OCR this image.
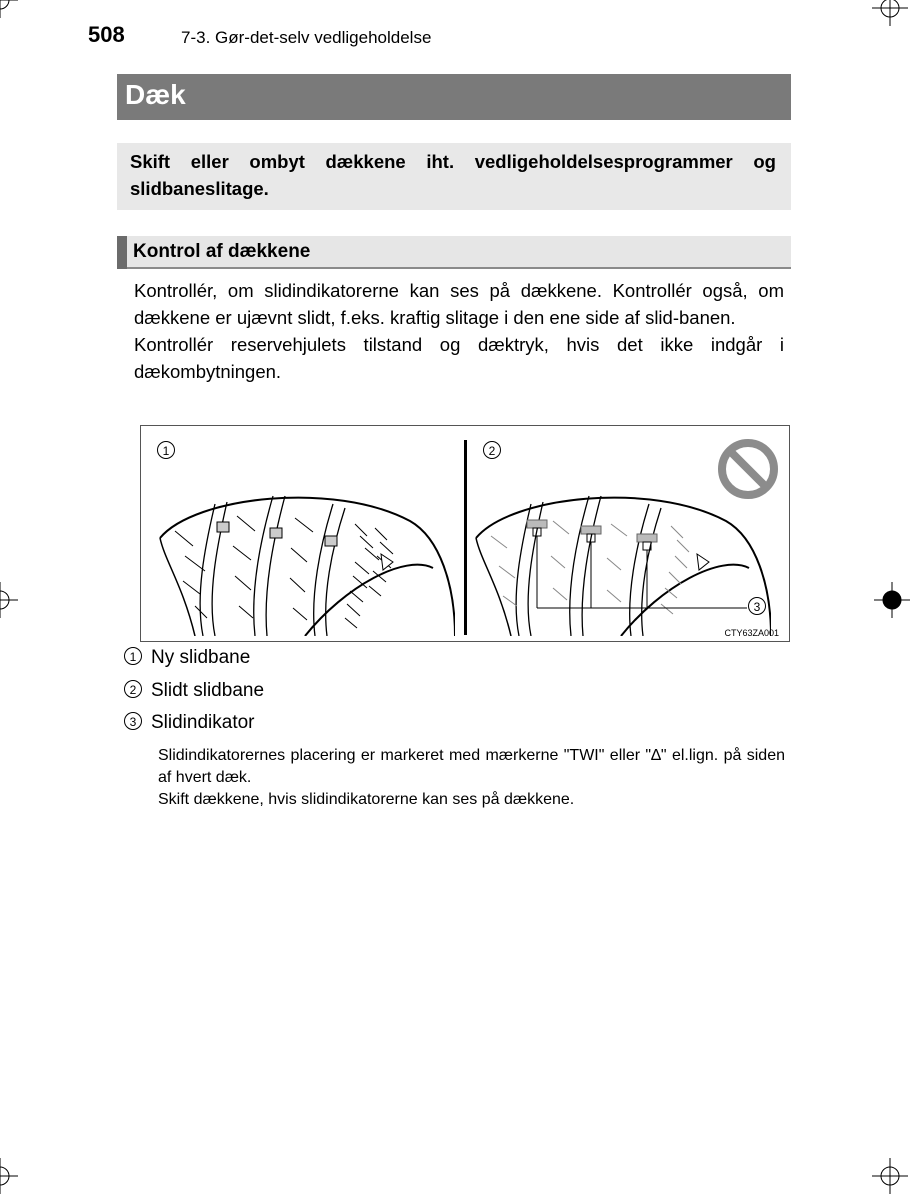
508	7-3. Gør-det-selv vedligeholdelse
Dæk

Skift eller ombyt dækkene iht. vedligeholdelsesprogrammer og slidbaneslitage.

Kontrol af dækkene

Kontrollér, om slidindikatorerne kan ses på dækkene. Kontrollér også, om dækkene er ujævnt slidt, f.eks. kraftig slitage i den ene side af slid-banen.

Kontrollér reservehjulets tilstand og dæktryk, hvis det ikke indgår i dækombytningen.

1	2
3
CTY63ZA001
1 Ny slidbane
2 Slidt slidbane
3 Slidindikator

Slidindikatorernes placering er markeret med mærkerne "TWI" eller "∆" el.lign. på siden af hvert dæk.

Skift dækkene, hvis slidindikatorerne kan ses på dækkene.
